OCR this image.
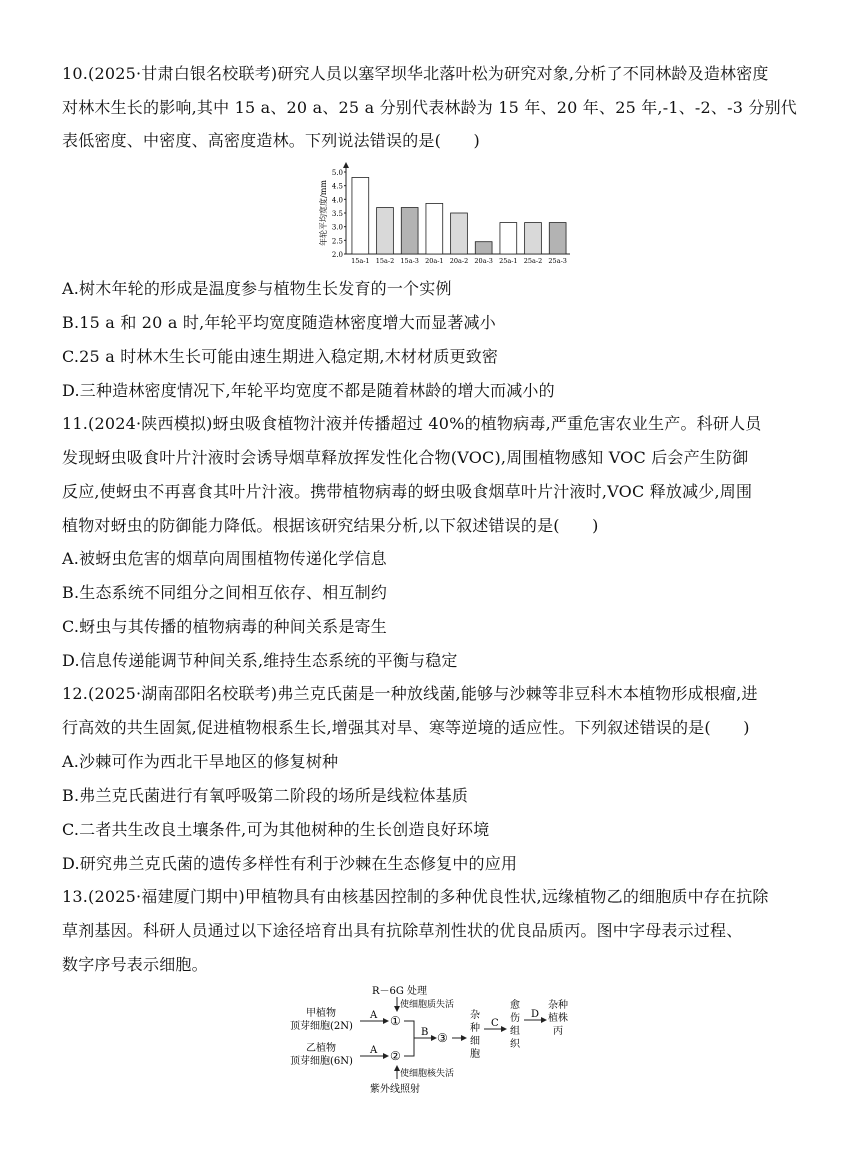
10.(2025·甘肃白银名校联考)研究人员以塞罕坝华北落叶松为研究对象,分析了不同林龄及造林密度
对林木生长的影响,其中 15 a、20 a、25 a 分别代表林龄为 15 年、20 年、25 年,-1、-2、-3 分别代
表低密度、中密度、高密度造林。下列说法错误的是(　　)
2.0
2.5
3.0
3.5
4.0
4.5
5.0
年轮平均宽度/mm
15a-1 15a-2 15a-3 20a-1 20a-2 20a-3 25a-1 25a-2 25a-3
A.树木年轮的形成是温度参与植物生长发育的一个实例
B.15 a 和 20 a 时,年轮平均宽度随造林密度增大而显著减小
C.25 a 时林木生长可能由速生期进入稳定期,木材材质更致密
D.三种造林密度情况下,年轮平均宽度不都是随着林龄的增大而减小的
11.(2024·陕西模拟)蚜虫吸食植物汁液并传播超过 40%的植物病毒,严重危害农业生产。科研人员
发现蚜虫吸食叶片汁液时会诱导烟草释放挥发性化合物(VOC),周围植物感知 VOC 后会产生防御
反应,使蚜虫不再喜食其叶片汁液。携带植物病毒的蚜虫吸食烟草叶片汁液时,VOC 释放减少,周围
植物对蚜虫的防御能力降低。根据该研究结果分析,以下叙述错误的是(　　)
A.被蚜虫危害的烟草向周围植物传递化学信息
B.生态系统不同组分之间相互依存、相互制约
C.蚜虫与其传播的植物病毒的种间关系是寄生
D.信息传递能调节种间关系,维持生态系统的平衡与稳定
12.(2025·湖南邵阳名校联考)弗兰克氏菌是一种放线菌,能够与沙棘等非豆科木本植物形成根瘤,进
行高效的共生固氮,促进植物根系生长,增强其对旱、寒等逆境的适应性。下列叙述错误的是(　　)
A.沙棘可作为西北干旱地区的修复树种
B.弗兰克氏菌进行有氧呼吸第二阶段的场所是线粒体基质
C.二者共生改良土壤条件,可为其他树种的生长创造良好环境
D.研究弗兰克氏菌的遗传多样性有利于沙棘在生态修复中的应用
13.(2025·福建厦门期中)甲植物具有由核基因控制的多种优良性状,远缘植物乙的细胞质中存在抗除
草剂基因。科研人员通过以下途径培育出具有抗除草剂性状的优良品质丙。图中字母表示过程、
数字序号表示细胞。
R－6G 处理
使细胞质失活
甲植物
顶芽细胞(2N)
A ①
乙植物
顶芽细胞(6N)
A ②
B ③
杂
种
细
胞
C
愈
伤
组
织
D
杂种
植株
丙
使细胞核失活
紫外线照射
